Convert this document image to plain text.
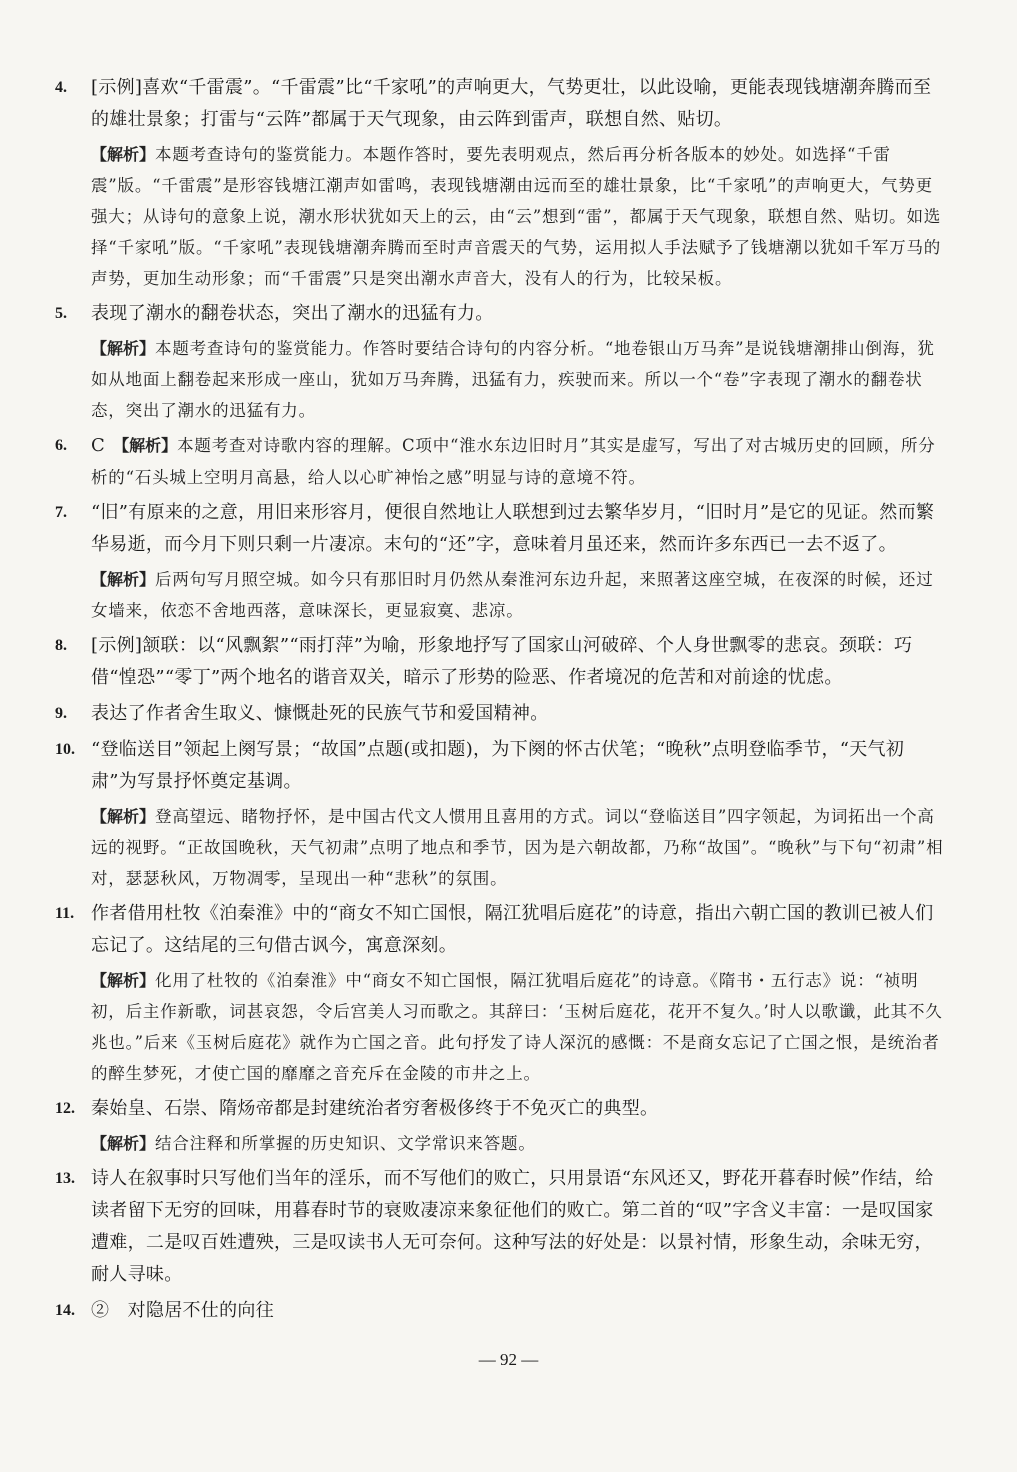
4.	[示例]喜欢“千雷震”。“千雷震”比“千家吼”的声响更大，气势更壮，以此设喻，更能表现钱塘潮奔腾而至的雄壮景象；打雷与“云阵”都属于天气现象，由云阵到雷声，联想自然、贴切。
【解析】本题考查诗句的鉴赏能力。本题作答时，要先表明观点，然后再分析各版本的妙处。如选择“千雷震”版。“千雷震”是形容钱塘江潮声如雷鸣，表现钱塘潮由远而至的雄壮景象，比“千家吼”的声响更大，气势更强大；从诗句的意象上说，潮水形状犹如天上的云，由“云”想到“雷”，都属于天气现象，联想自然、贴切。如选择“千家吼”版。“千家吼”表现钱塘潮奔腾而至时声音震天的气势，运用拟人手法赋予了钱塘潮以犹如千军万马的声势，更加生动形象；而“千雷震”只是突出潮水声音大，没有人的行为，比较呆板。
5.	表现了潮水的翻卷状态，突出了潮水的迅猛有力。
【解析】本题考查诗句的鉴赏能力。作答时要结合诗句的内容分析。“地卷银山万马奔”是说钱塘潮排山倒海，犹如从地面上翻卷起来形成一座山，犹如万马奔腾，迅猛有力，疾驶而来。所以一个“卷”字表现了潮水的翻卷状态，突出了潮水的迅猛有力。
6.	C 【解析】本题考查对诗歌内容的理解。C项中“淮水东边旧时月”其实是虚写，写出了对古城历史的回顾，所分析的“石头城上空明月高悬，给人以心旷神怡之感”明显与诗的意境不符。
7.	“旧”有原来的之意，用旧来形容月，便很自然地让人联想到过去繁华岁月，“旧时月”是它的见证。然而繁华易逝，而今月下则只剩一片凄凉。末句的“还”字，意味着月虽还来，然而许多东西已一去不返了。
【解析】后两句写月照空城。如今只有那旧时月仍然从秦淮河东边升起，来照著这座空城，在夜深的时候，还过女墙来，依恋不舍地西落，意味深长，更显寂寞、悲凉。
8.	[示例]颔联：以“风飘絮”“雨打萍”为喻，形象地抒写了国家山河破碎、个人身世飘零的悲哀。颈联：巧借“惶恐”“零丁”两个地名的谐音双关，暗示了形势的险恶、作者境况的危苦和对前途的忧虑。
9.	表达了作者舍生取义、慷慨赴死的民族气节和爱国精神。
10. “登临送目”领起上阕写景；“故国”点题(或扣题)，为下阕的怀古伏笔；“晚秋”点明登临季节，“天气初肃”为写景抒怀奠定基调。
【解析】登高望远、睹物抒怀，是中国古代文人惯用且喜用的方式。词以“登临送目”四字领起，为词拓出一个高远的视野。“正故国晚秋，天气初肃”点明了地点和季节，因为是六朝故都，乃称“故国”。“晚秋”与下句“初肃”相对，瑟瑟秋风，万物凋零，呈现出一种“悲秋”的氛围。
11. 作者借用杜牧《泊秦淮》中的“商女不知亡国恨，隔江犹唱后庭花”的诗意，指出六朝亡国的教训已被人们忘记了。这结尾的三句借古讽今，寓意深刻。
【解析】化用了杜牧的《泊秦淮》中“商女不知亡国恨，隔江犹唱后庭花”的诗意。《隋书・五行志》说：“祯明初，后主作新歌，词甚哀怨，令后宫美人习而歌之。其辞曰：‘玉树后庭花，花开不复久。’时人以歌谶，此其不久兆也。”后来《玉树后庭花》就作为亡国之音。此句抒发了诗人深沉的感慨：不是商女忘记了亡国之恨，是统治者的醉生梦死，才使亡国的靡靡之音充斥在金陵的市井之上。
12. 秦始皇、石崇、隋炀帝都是封建统治者穷奢极侈终于不免灭亡的典型。
【解析】结合注释和所掌握的历史知识、文学常识来答题。
13. 诗人在叙事时只写他们当年的淫乐，而不写他们的败亡，只用景语“东风还又，野花开暮春时候”作结，给读者留下无穷的回味，用暮春时节的衰败凄凉来象征他们的败亡。第二首的“叹”字含义丰富：一是叹国家遭难，二是叹百姓遭殃，三是叹读书人无可奈何。这种写法的好处是：以景衬情，形象生动，余味无穷，耐人寻味。
14. ②　对隐居不仕的向往
— 92 —
